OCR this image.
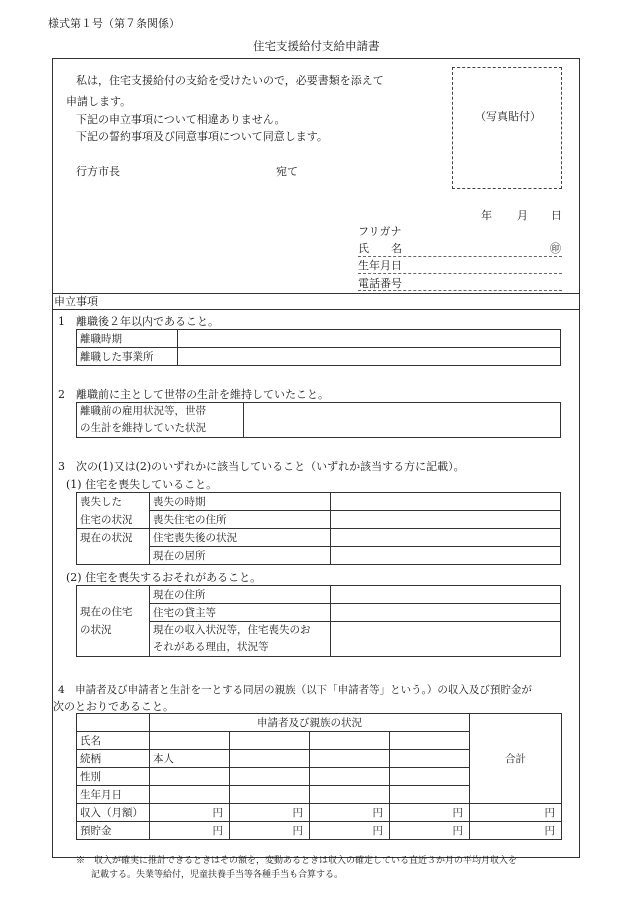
様式第１号（第７条関係）
住宅支援給付支給申請書
私は，住宅支援給付の支給を受けたいので，必要書類を添えて
申請します。
下記の申立事項について相違ありません。
下記の誓約事項及び同意事項について同意します。
行方市長	宛て
（写真貼付）
年 月 日
フリガナ
氏　　名	㊞
生年月日
電話番号
申立事項
1　離職後２年以内であること。
離職時期	
離職した事業所	
2　離職前に主として世帯の生計を維持していたこと。
離職前の雇用状況等，世帯
の生計を維持していた状況

3　次の(1)又は(2)のいずれかに該当していること（いずれか該当する方に記載）。
(1) 住宅を喪失していること。
喪失した	喪失の時期	
住宅の状況	喪失住宅の住所	
現在の状況	住宅喪失後の状況	
	現在の居所	
(2) 住宅を喪失するおそれがあること。
現在の住宅
の状況	現在の住所	
	住宅の貸主等	

	現在の収入状況等，住宅喪失のお
それがある理由，状況等	

4　申請者及び申請者と生計を一とする同居の親族（以下「申請者等」という。）の収入及び預貯金が
次のとおりであること。
	申請者及び親族の状況				合計
氏名					
続柄	本人				
性別					
生年月日					
収入（月額）	円	円	円	円	円
預貯金	円	円	円	円	円
※　収入が確実に推計できるときはその額を，変動あるときは収入の確定している直近３か月の平均月収入を
記載する。失業等給付，児童扶養手当等各種手当も合算する。
